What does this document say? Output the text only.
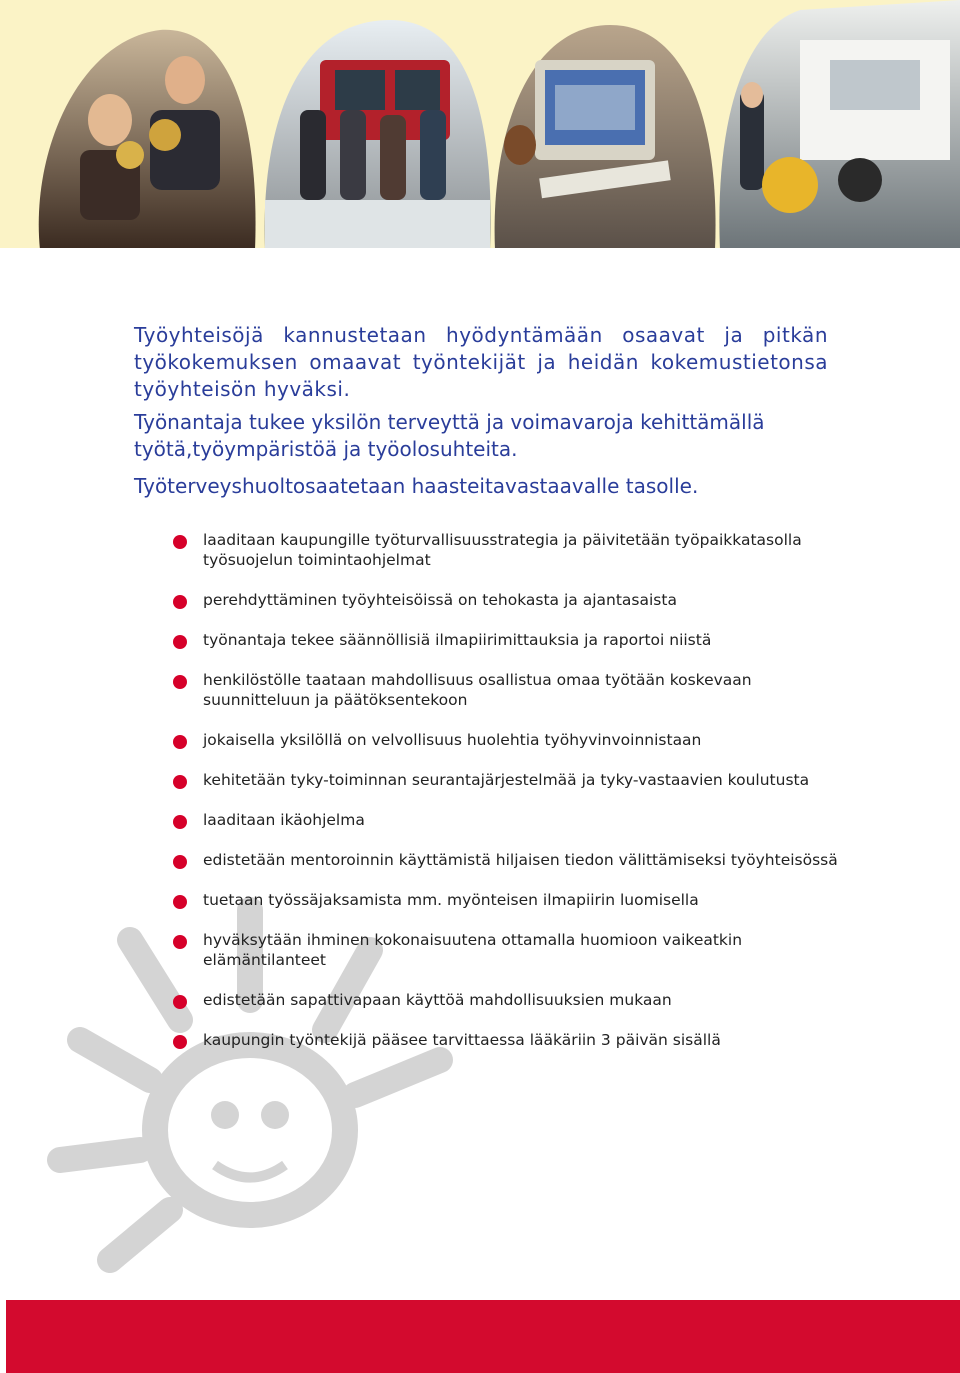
Työyhteisöjä kannustetaan hyödyntämään osaavat ja pitkän työkokemuksen omaavat työntekijät ja heidän kokemustietonsa työyhteisön hyväksi.

Työnantaja tukee yksilön terveyttä ja voimavaroja kehittämällä työtä,työympäristöä ja työolosuhteita.

Työterveyshuoltosaatetaan haasteitavastaavalle tasolle.

laaditaan kaupungille työturvallisuusstrategia ja päivitetään työpaikkatasolla työsuojelun toimintaohjelmat
perehdyttäminen työyhteisöissä on tehokasta ja ajantasaista
työnantaja tekee säännöllisiä ilmapiirimittauksia ja raportoi niistä
henkilöstölle taataan mahdollisuus osallistua omaa työtään koskevaan suunnitteluun ja päätöksentekoon
jokaisella yksilöllä on velvollisuus huolehtia työhyvinvoinnistaan
kehitetään tyky-toiminnan seurantajärjestelmää ja tyky-vastaavien koulutusta
laaditaan ikäohjelma
edistetään mentoroinnin käyttämistä hiljaisen tiedon välittämiseksi työyhteisössä
tuetaan työssäjaksamista mm. myönteisen ilmapiirin luomisella
hyväksytään ihminen kokonaisuutena ottamalla huomioon vaikeatkin elämäntilanteet
edistetään sapattivapaan käyttöä mahdollisuuksien mukaan
kaupungin työntekijä pääsee tarvittaessa lääkäriin 3 päivän sisällä
